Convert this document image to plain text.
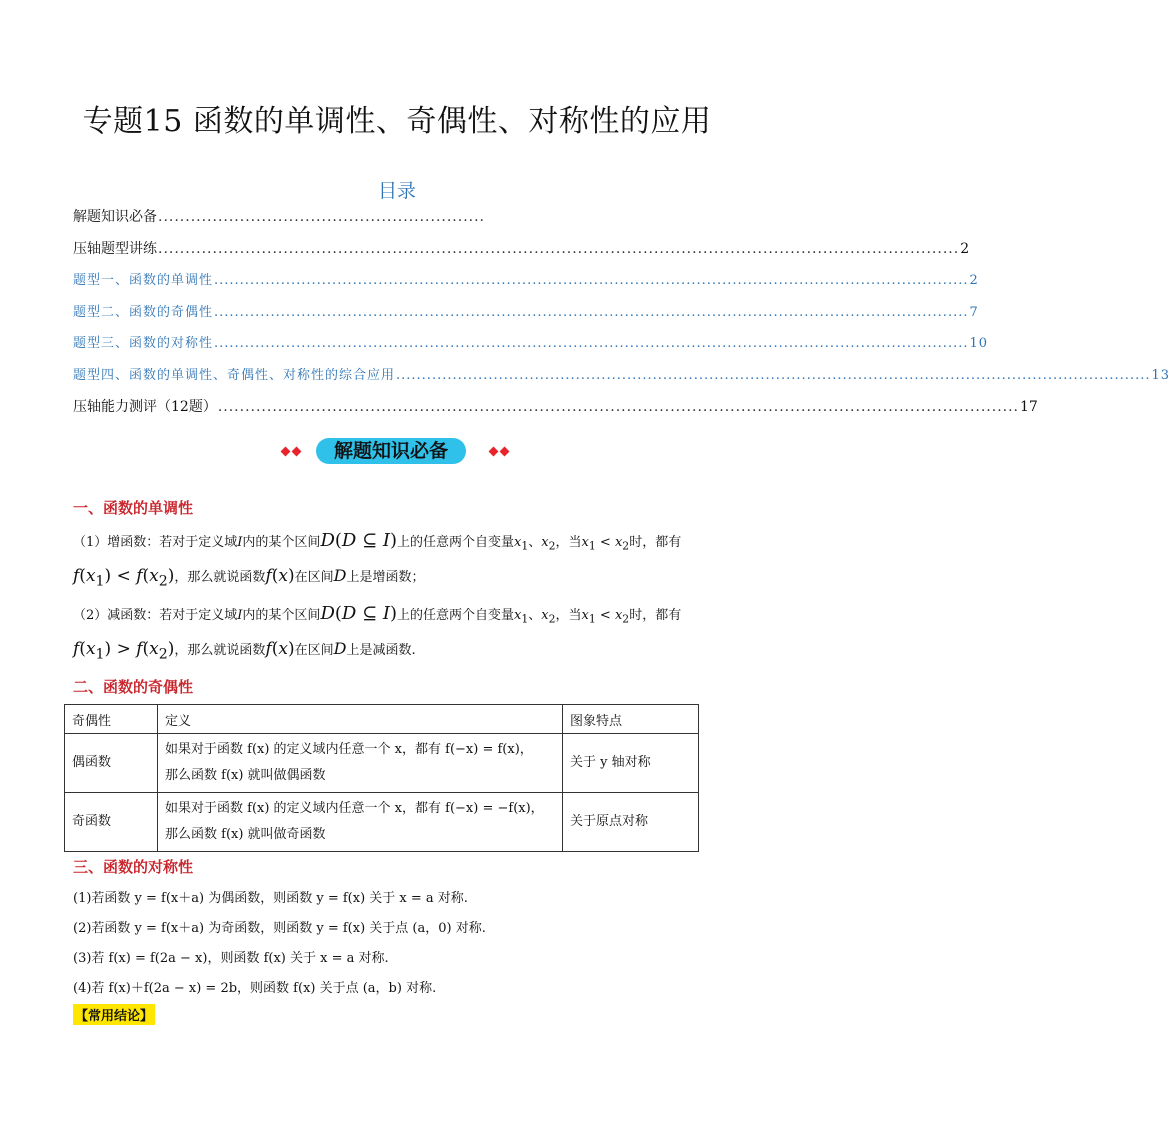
专题15 函数的单调性、奇偶性、对称性的应用
目录
解题知识必备 ............................................................
压轴题型讲练 ................................................................................................................................................... 2
题型一、函数的单调性 ................................................................................................................................................... 2
题型二、函数的奇偶性 ................................................................................................................................................... 7
题型三、函数的对称性 ................................................................................................................................................... 10
题型四、函数的单调性、奇偶性、对称性的综合应用 ................................................................................................................................................... 13
压轴能力测评（12题） ................................................................................................................................................... 17
解题知识必备
一、函数的单调性
（1）增函数：若对于定义域I内的某个区间D(D ⊆ I)上的任意两个自变量$x_1$、$x_2$，当$x_1 < x_2$时，都有
$f(x_1) < f(x_2)$，那么就说函数f(x)在区间D上是增函数；
（2）减函数：若对于定义域I内的某个区间D(D ⊆ I)上的任意两个自变量$x_1$、$x_2$，当$x_1 < x_2$时，都有
$f(x_1) > f(x_2)$，那么就说函数f(x)在区间D上是减函数.
二、函数的奇偶性
奇偶性	定义	图象特点
偶函数	如果对于函数 f(x) 的定义域内任意一个 x，都有 f(−x) = f(x)，
那么函数 f(x) 就叫做偶函数	关于 y 轴对称
奇函数	如果对于函数 f(x) 的定义域内任意一个 x，都有 f(−x) = −f(x)，
那么函数 f(x) 就叫做奇函数	关于原点对称
三、函数的对称性
(1)若函数 y = f(x＋a) 为偶函数，则函数 y = f(x) 关于 x = a 对称.
(2)若函数 y = f(x＋a) 为奇函数，则函数 y = f(x) 关于点 (a，0) 对称.
(3)若 f(x) = f(2a − x)，则函数 f(x) 关于 x = a 对称.
(4)若 f(x)＋f(2a − x) = 2b，则函数 f(x) 关于点 (a，b) 对称.
【常用结论】
